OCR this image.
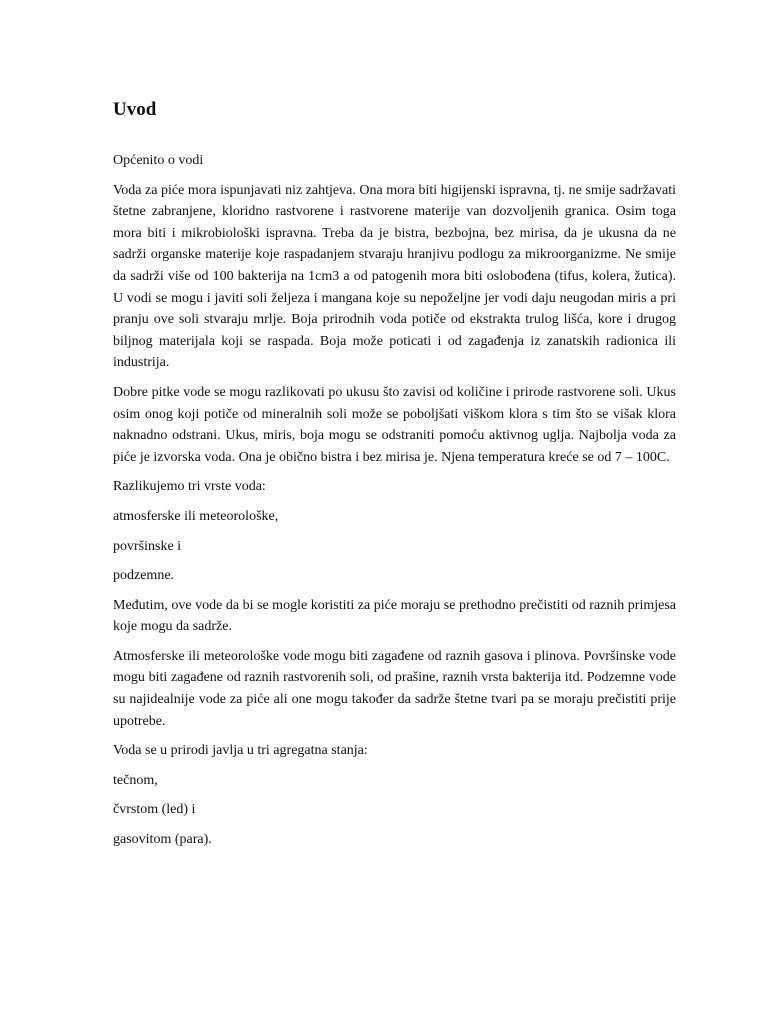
Uvod

Općenito o vodi

Voda za piće mora ispunjavati niz zahtjeva. Ona mora biti higijenski ispravna, tj. ne smije sadržavati štetne zabranjene, kloridno rastvorene i rastvorene materije van dozvoljenih granica. Osim toga mora biti i mikrobiološki ispravna. Treba da je bistra, bezbojna, bez mirisa, da je ukusna da ne sadrži organske materije koje raspadanjem stvaraju hranjivu podlogu za mikroorganizme. Ne smije da sadrži više od 100 bakterija na 1cm3 a od patogenih mora biti oslobođena (tifus, kolera, žutica). U vodi se mogu i javiti soli željeza i mangana koje su nepoželjne jer vodi daju neugodan miris a pri pranju ove soli stvaraju mrlje. Boja prirodnih voda potiče od ekstrakta trulog lišća, kore i drugog biljnog materijala koji se raspada. Boja može poticati i od zagađenja iz zanatskih radionica ili industrija.

Dobre pitke vode se mogu razlikovati po ukusu što zavisi od količine i prirode rastvorene soli. Ukus osim onog koji potiče od mineralnih soli može se poboljšati viškom klora s tim što se višak klora naknadno odstrani. Ukus, miris, boja mogu se odstraniti pomoću aktivnog uglja. Najbolja voda za piće je izvorska voda. Ona je obično bistra i bez mirisa je. Njena temperatura kreće se od 7 – 100C.

Razlikujemo tri vrste voda:

atmosferske ili meteorološke,

površinske i

podzemne.

Međutim, ove vode da bi se mogle koristiti za piće moraju se prethodno prečistiti od raznih primjesa koje mogu da sadrže.

Atmosferske ili meteorološke vode mogu biti zagađene od raznih gasova i plinova. Površinske vode mogu biti zagađene od raznih rastvorenih soli, od prašine, raznih vrsta bakterija itd. Podzemne vode su najidealnije vode za piće ali one mogu također da sadrže štetne tvari pa se moraju prečistiti prije upotrebe.

Voda se u prirodi javlja u tri agregatna stanja:

tečnom,

čvrstom (led) i

gasovitom (para).
